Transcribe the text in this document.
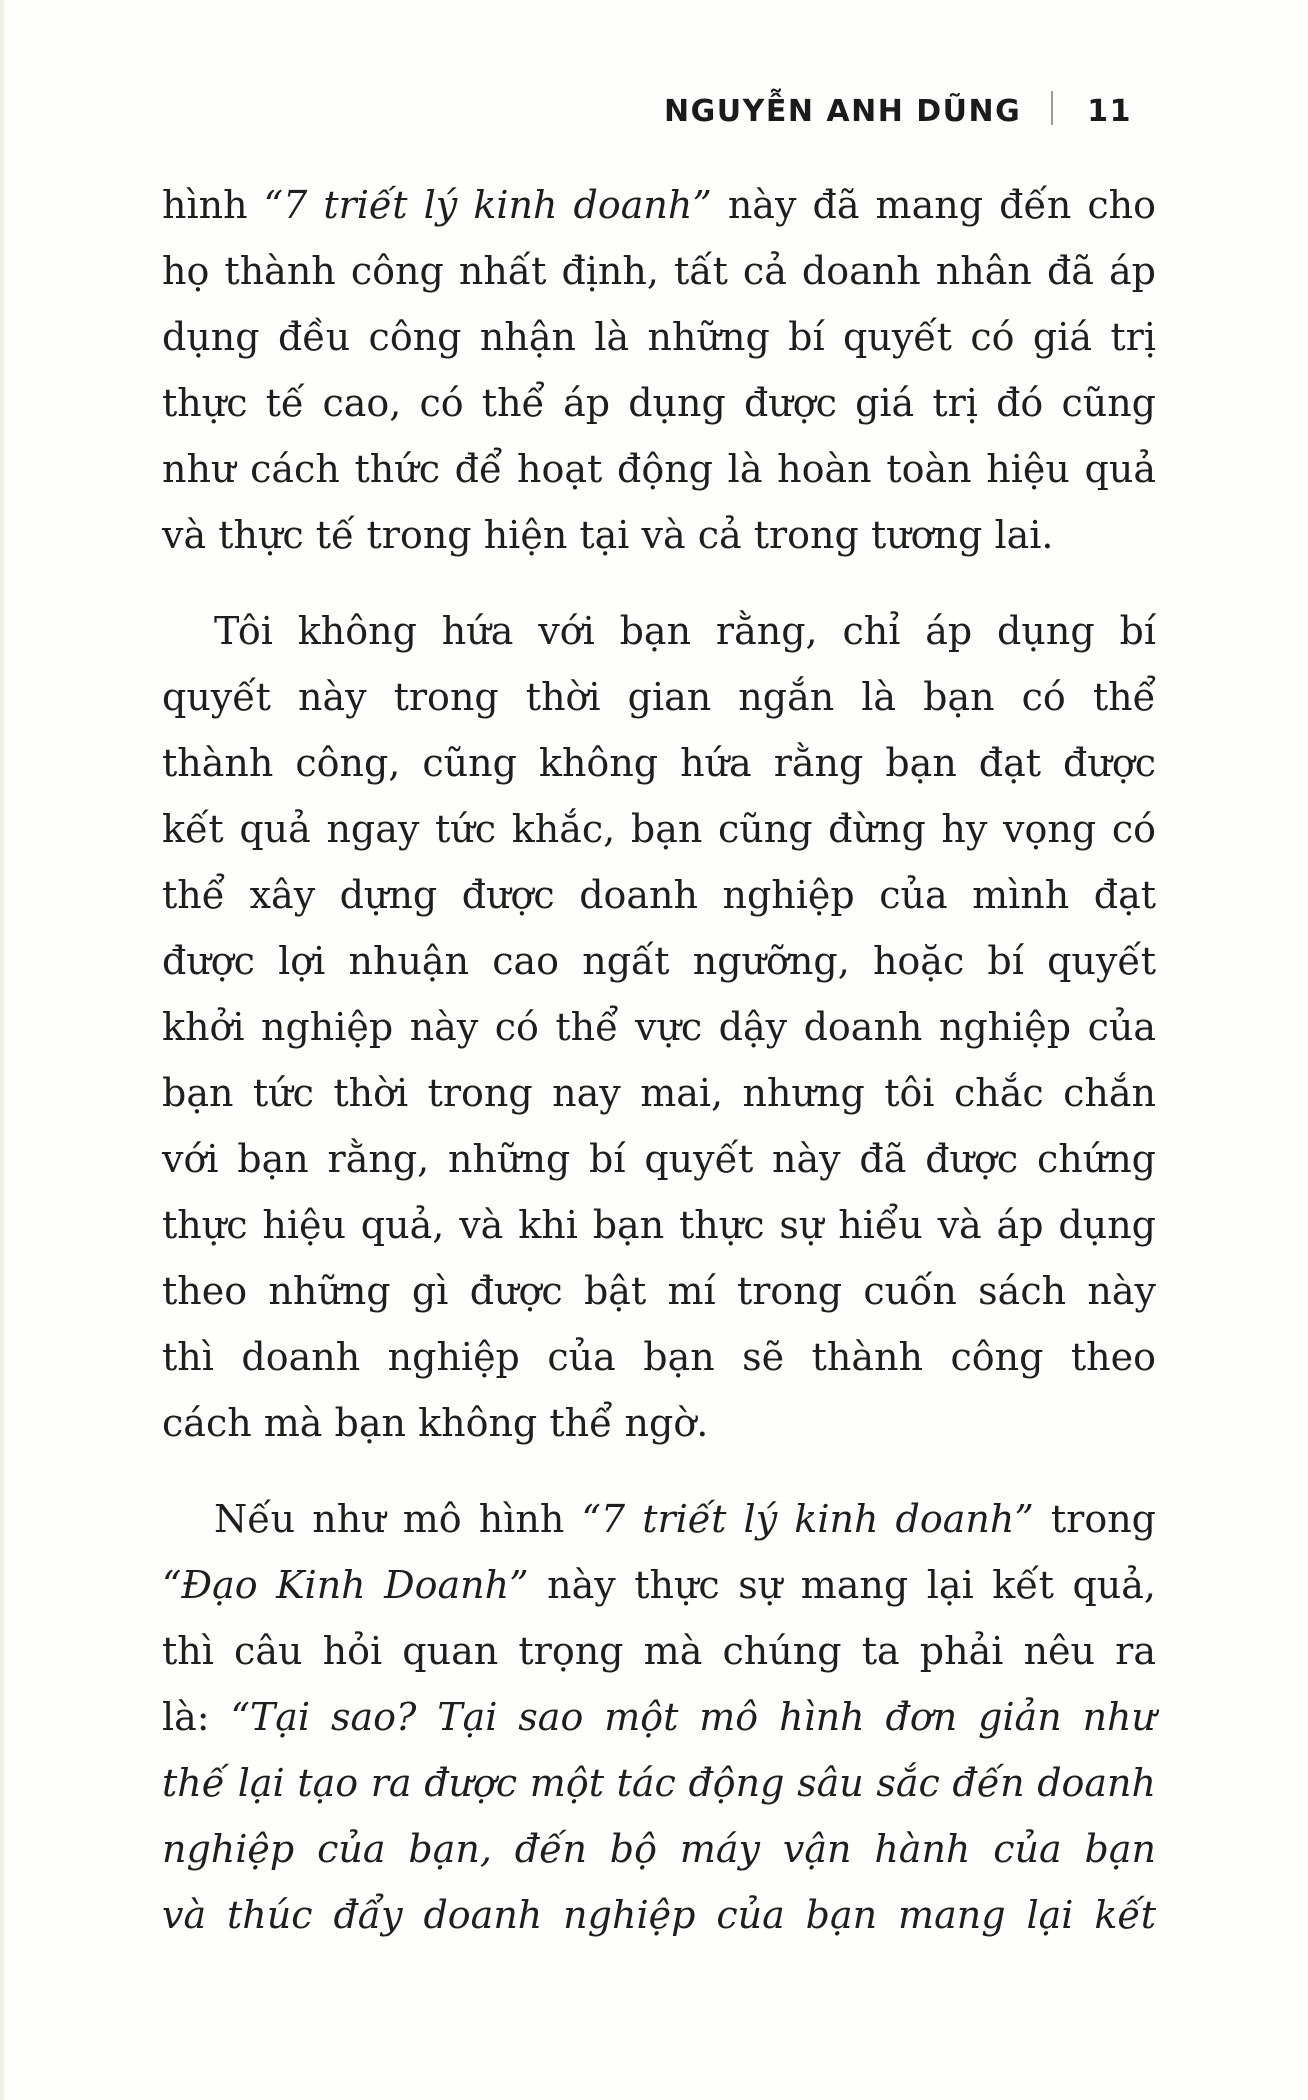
NGUYỄN ANH DŨNG 11

hình “7 triết lý kinh doanh” này đã mang đến cho
họ thành công nhất định, tất cả doanh nhân đã áp
dụng đều công nhận là những bí quyết có giá trị
thực tế cao, có thể áp dụng được giá trị đó cũng
như cách thức để hoạt động là hoàn toàn hiệu quả
và thực tế trong hiện tại và cả trong tương lai.

Tôi không hứa với bạn rằng, chỉ áp dụng bí
quyết này trong thời gian ngắn là bạn có thể
thành công, cũng không hứa rằng bạn đạt được
kết quả ngay tức khắc, bạn cũng đừng hy vọng có
thể xây dựng được doanh nghiệp của mình đạt
được lợi nhuận cao ngất ngưỡng, hoặc bí quyết
khởi nghiệp này có thể vực dậy doanh nghiệp của
bạn tức thời trong nay mai, nhưng tôi chắc chắn
với bạn rằng, những bí quyết này đã được chứng
thực hiệu quả, và khi bạn thực sự hiểu và áp dụng
theo những gì được bật mí trong cuốn sách này
thì doanh nghiệp của bạn sẽ thành công theo
cách mà bạn không thể ngờ.

Nếu như mô hình “7 triết lý kinh doanh” trong
“Đạo Kinh Doanh” này thực sự mang lại kết quả,
thì câu hỏi quan trọng mà chúng ta phải nêu ra
là: “Tại sao? Tại sao một mô hình đơn giản như
thế lại tạo ra được một tác động sâu sắc đến doanh
nghiệp của bạn, đến bộ máy vận hành của bạn
và thúc đẩy doanh nghiệp của bạn mang lại kết
